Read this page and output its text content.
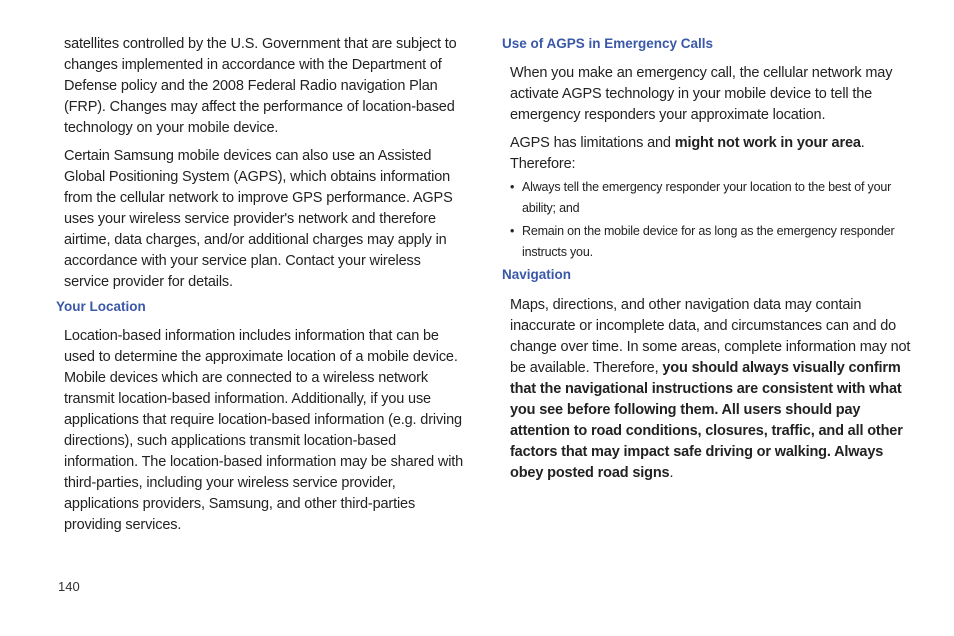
satellites controlled by the U.S. Government that are subject to changes implemented in accordance with the Department of Defense policy and the 2008 Federal Radio navigation Plan (FRP). Changes may affect the performance of location-based technology on your mobile device.

Certain Samsung mobile devices can also use an Assisted Global Positioning System (AGPS), which obtains information from the cellular network to improve GPS performance. AGPS uses your wireless service provider's network and therefore airtime, data charges, and/or additional charges may apply in accordance with your service plan. Contact your wireless service provider for details.

Your Location

Location-based information includes information that can be used to determine the approximate location of a mobile device. Mobile devices which are connected to a wireless network transmit location-based information. Additionally, if you use applications that require location-based information (e.g. driving directions), such applications transmit location-based information. The location-based information may be shared with third-parties, including your wireless service provider, applications providers, Samsung, and other third-parties providing services.

Use of AGPS in Emergency Calls

When you make an emergency call, the cellular network may activate AGPS technology in your mobile device to tell the emergency responders your approximate location.

AGPS has limitations and might not work in your area. Therefore:

• Always tell the emergency responder your location to the best of your ability; and
• Remain on the mobile device for as long as the emergency responder instructs you.
Navigation

Maps, directions, and other navigation data may contain inaccurate or incomplete data, and circumstances can and do change over time. In some areas, complete information may not be available. Therefore, you should always visually confirm that the navigational instructions are consistent with what you see before following them. All users should pay attention to road conditions, closures, traffic, and all other factors that may impact safe driving or walking. Always obey posted road signs.

140
